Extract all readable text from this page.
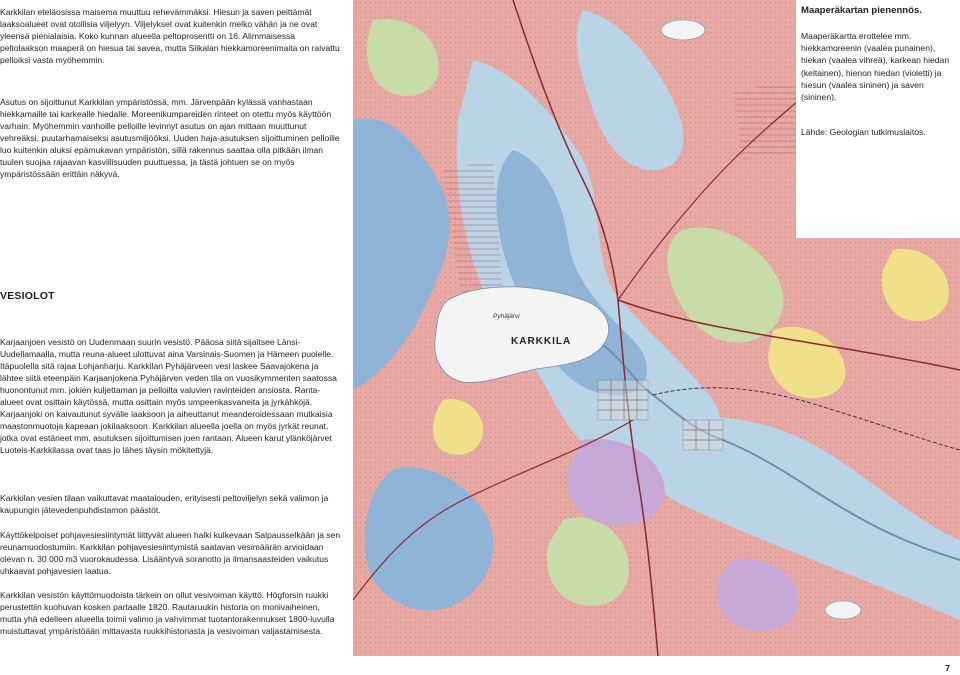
Karkkilan eteläosissa maisema muuttuu rehevämmäksi. Hiesun ja saven peittämät laaksoalueet ovat otollisia viljelyyn. Viljelykset ovat kuitenkin melko vähän ja ne ovat yleensä pienialaisia. Koko kunnan alueella peltoprosentti on 16. Alimmaisessa peltolaakson maaperä on hiesua tai savea, mutta Siikalan hiekkamoreenimaita on raivattu pelloiksi vasta myöhemmin.

Asutus on sijoittunut Karkkilan ympäristössä, mm. Järvenpään kylässä vanhastaan hiekkamaille tai karkealle hiedalle. Moreenikumpareiden rinteet on otettu myös käyttöön varhain. Myöhemmin vanhoille pelloille levinnyt asutus on ajan mittaan muuttunut vehreäksi, puutarhamaiseksi asutusmiljööksi. Uuden haja-asutuksen sijoittuminen pelloille luo kuitenkin aluksi epämukavan ympäristön, sillä rakennus saattaa olla pitkään ilman tuulen suojaa rajaavan kasvillisuuden puuttuessa, ja tästä johtuen se on myös ympäristössään erittäin näkyvä.

VESIOLOT

Karjaanjoen vesistö on Uudenmaan suurin vesistö. Pääosa siitä sijaitsee Länsi-Uudellamaalla, mutta reuna-alueet ulottuvat aina Varsinais-Suomen ja Hämeen puolelle. Itäpuolella sitä rajaa Lohjanharju. Karkkilan Pyhäjärveen vesi laskee Saavajokena ja lähtee siitä eteenpäin Karjaanjokena Pyhäjärven veden tila on vuosikymmenten saatossa huonontunut mm. jokien kuljettaman ja pelloilta valuvien ravinteiden ansiosta. Ranta-alueet ovat osittain käytössä, mutta osittain myös umpeenkasvaneita ja jyrkähköjä. Karjaanjoki on kaivautunut syvälle laaksoon ja aiheuttanut meanderoidessaan mutkaisia maastonmuotoja kapeaan jokilaaksoon. Karkkilan alueella joella on myös jyrkät reunat, jotka ovat estäneet mm. asutuksen sijoittumisen joen rantaan. Alueen karut ylänköjärvet Luoteis-Karkkilassa ovat taas jo lähes täysin mökitettyjä.

Karkkilan vesien tilaan vaikuttavat maatalouden, erityisesti peltoviljelyn sekä valimon ja kaupungin jätevedenpuhdistamon päästöt.

Käyttökelpoiset pohjavesiesiintymät liittyvät alueen halki kulkevaan Salpausselkään ja sen reunamuodostumiin. Karkkilan pohjavesiesiintymistä saatavan vesimäärän arvioidaan olevan n. 30 000 m3 vuorokaudessa. Lisääntyvä soranotto ja ilmansaasteiden vaikutus uhkaavat pohjavesien laatua.

Karkkilan vesistön käyttömuodoista tärkein on ollut vesivoiman käyttö. Högforsin ruukki perustettiin kuohuvan kosken partaalle 1820. Rautaruukin historia on monivaiheinen, mutta yhä edelleen alueella toimii valimo ja vahvimmat tuotantorakennukset 1800-luvulla muistuttavat ympäristöään mittavasta ruukkihistoriasta ja vesivoiman valjastamisesta.

Pyhäjärvi
KARKKILA

Maaperäkartan pienennös.

Maaperäkartta erottelee mm. hiekkamoreenin (vaalea punainen), hiekan (vaalea vihreä), karkean hiedan (keltainen), hienon hiedan (violetti) ja hiesun (vaalea sininen) ja saven (sininen).

Lähde: Geologian tutkimuslaitos.

7
